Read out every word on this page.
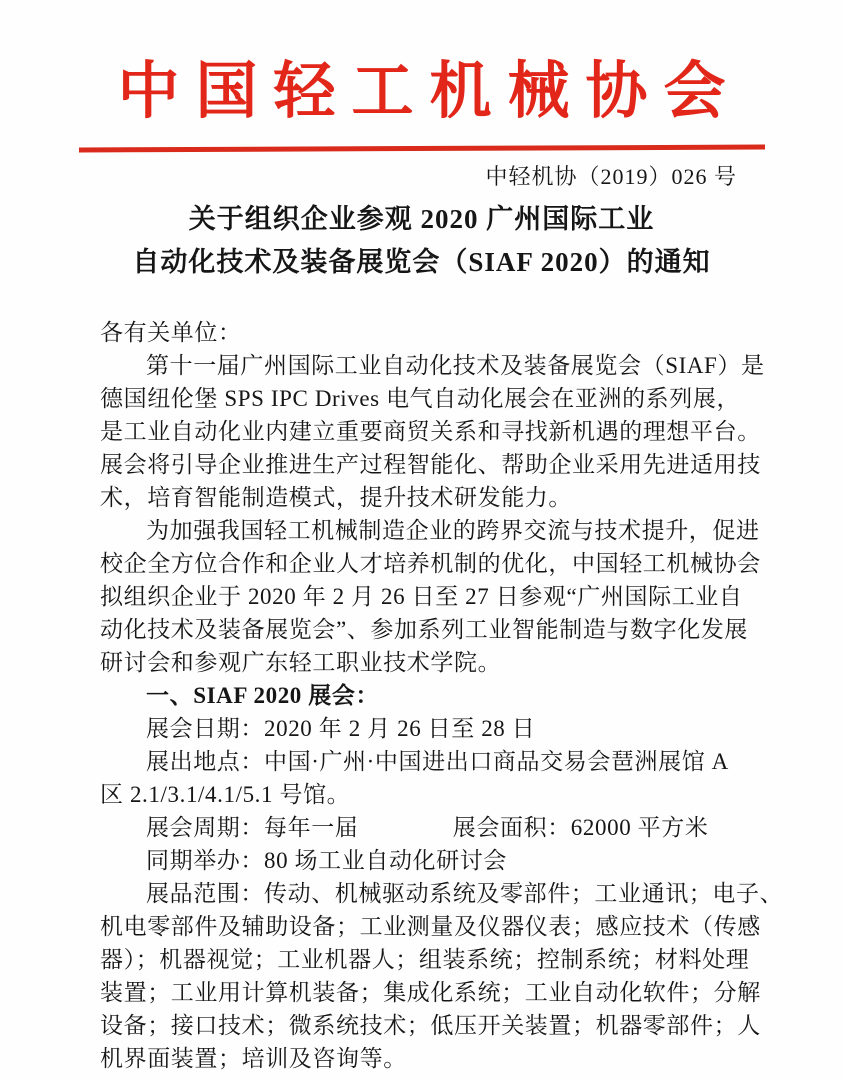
中国轻工机械协会
中轻机协（2019）026 号
关于组织企业参观 2020 广州国际工业
自动化技术及装备展览会（SIAF 2020）的通知
各有关单位：
第十一届广州国际工业自动化技术及装备展览会（SIAF）是
德国纽伦堡 SPS IPC Drives 电气自动化展会在亚洲的系列展，
是工业自动化业内建立重要商贸关系和寻找新机遇的理想平台。
展会将引导企业推进生产过程智能化、帮助企业采用先进适用技
术，培育智能制造模式，提升技术研发能力。
为加强我国轻工机械制造企业的跨界交流与技术提升，促进
校企全方位合作和企业人才培养机制的优化，中国轻工机械协会
拟组织企业于 2020 年 2 月 26 日至 27 日参观“广州国际工业自
动化技术及装备展览会”、参加系列工业智能制造与数字化发展
研讨会和参观广东轻工职业技术学院。
一、SIAF 2020 展会：
展会日期：2020 年 2 月 26 日至 28 日
展出地点：中国·广州·中国进出口商品交易会琶洲展馆 A
区 2.1/3.1/4.1/5.1 号馆。
展会周期：每年一届　　　　展会面积：62000 平方米
同期举办：80 场工业自动化研讨会
展品范围：传动、机械驱动系统及零部件；工业通讯；电子、
机电零部件及辅助设备；工业测量及仪器仪表；感应技术（传感
器）；机器视觉；工业机器人；组装系统；控制系统；材料处理
装置；工业用计算机装备；集成化系统；工业自动化软件；分解
设备；接口技术；微系统技术；低压开关装置；机器零部件；人
机界面装置；培训及咨询等。
